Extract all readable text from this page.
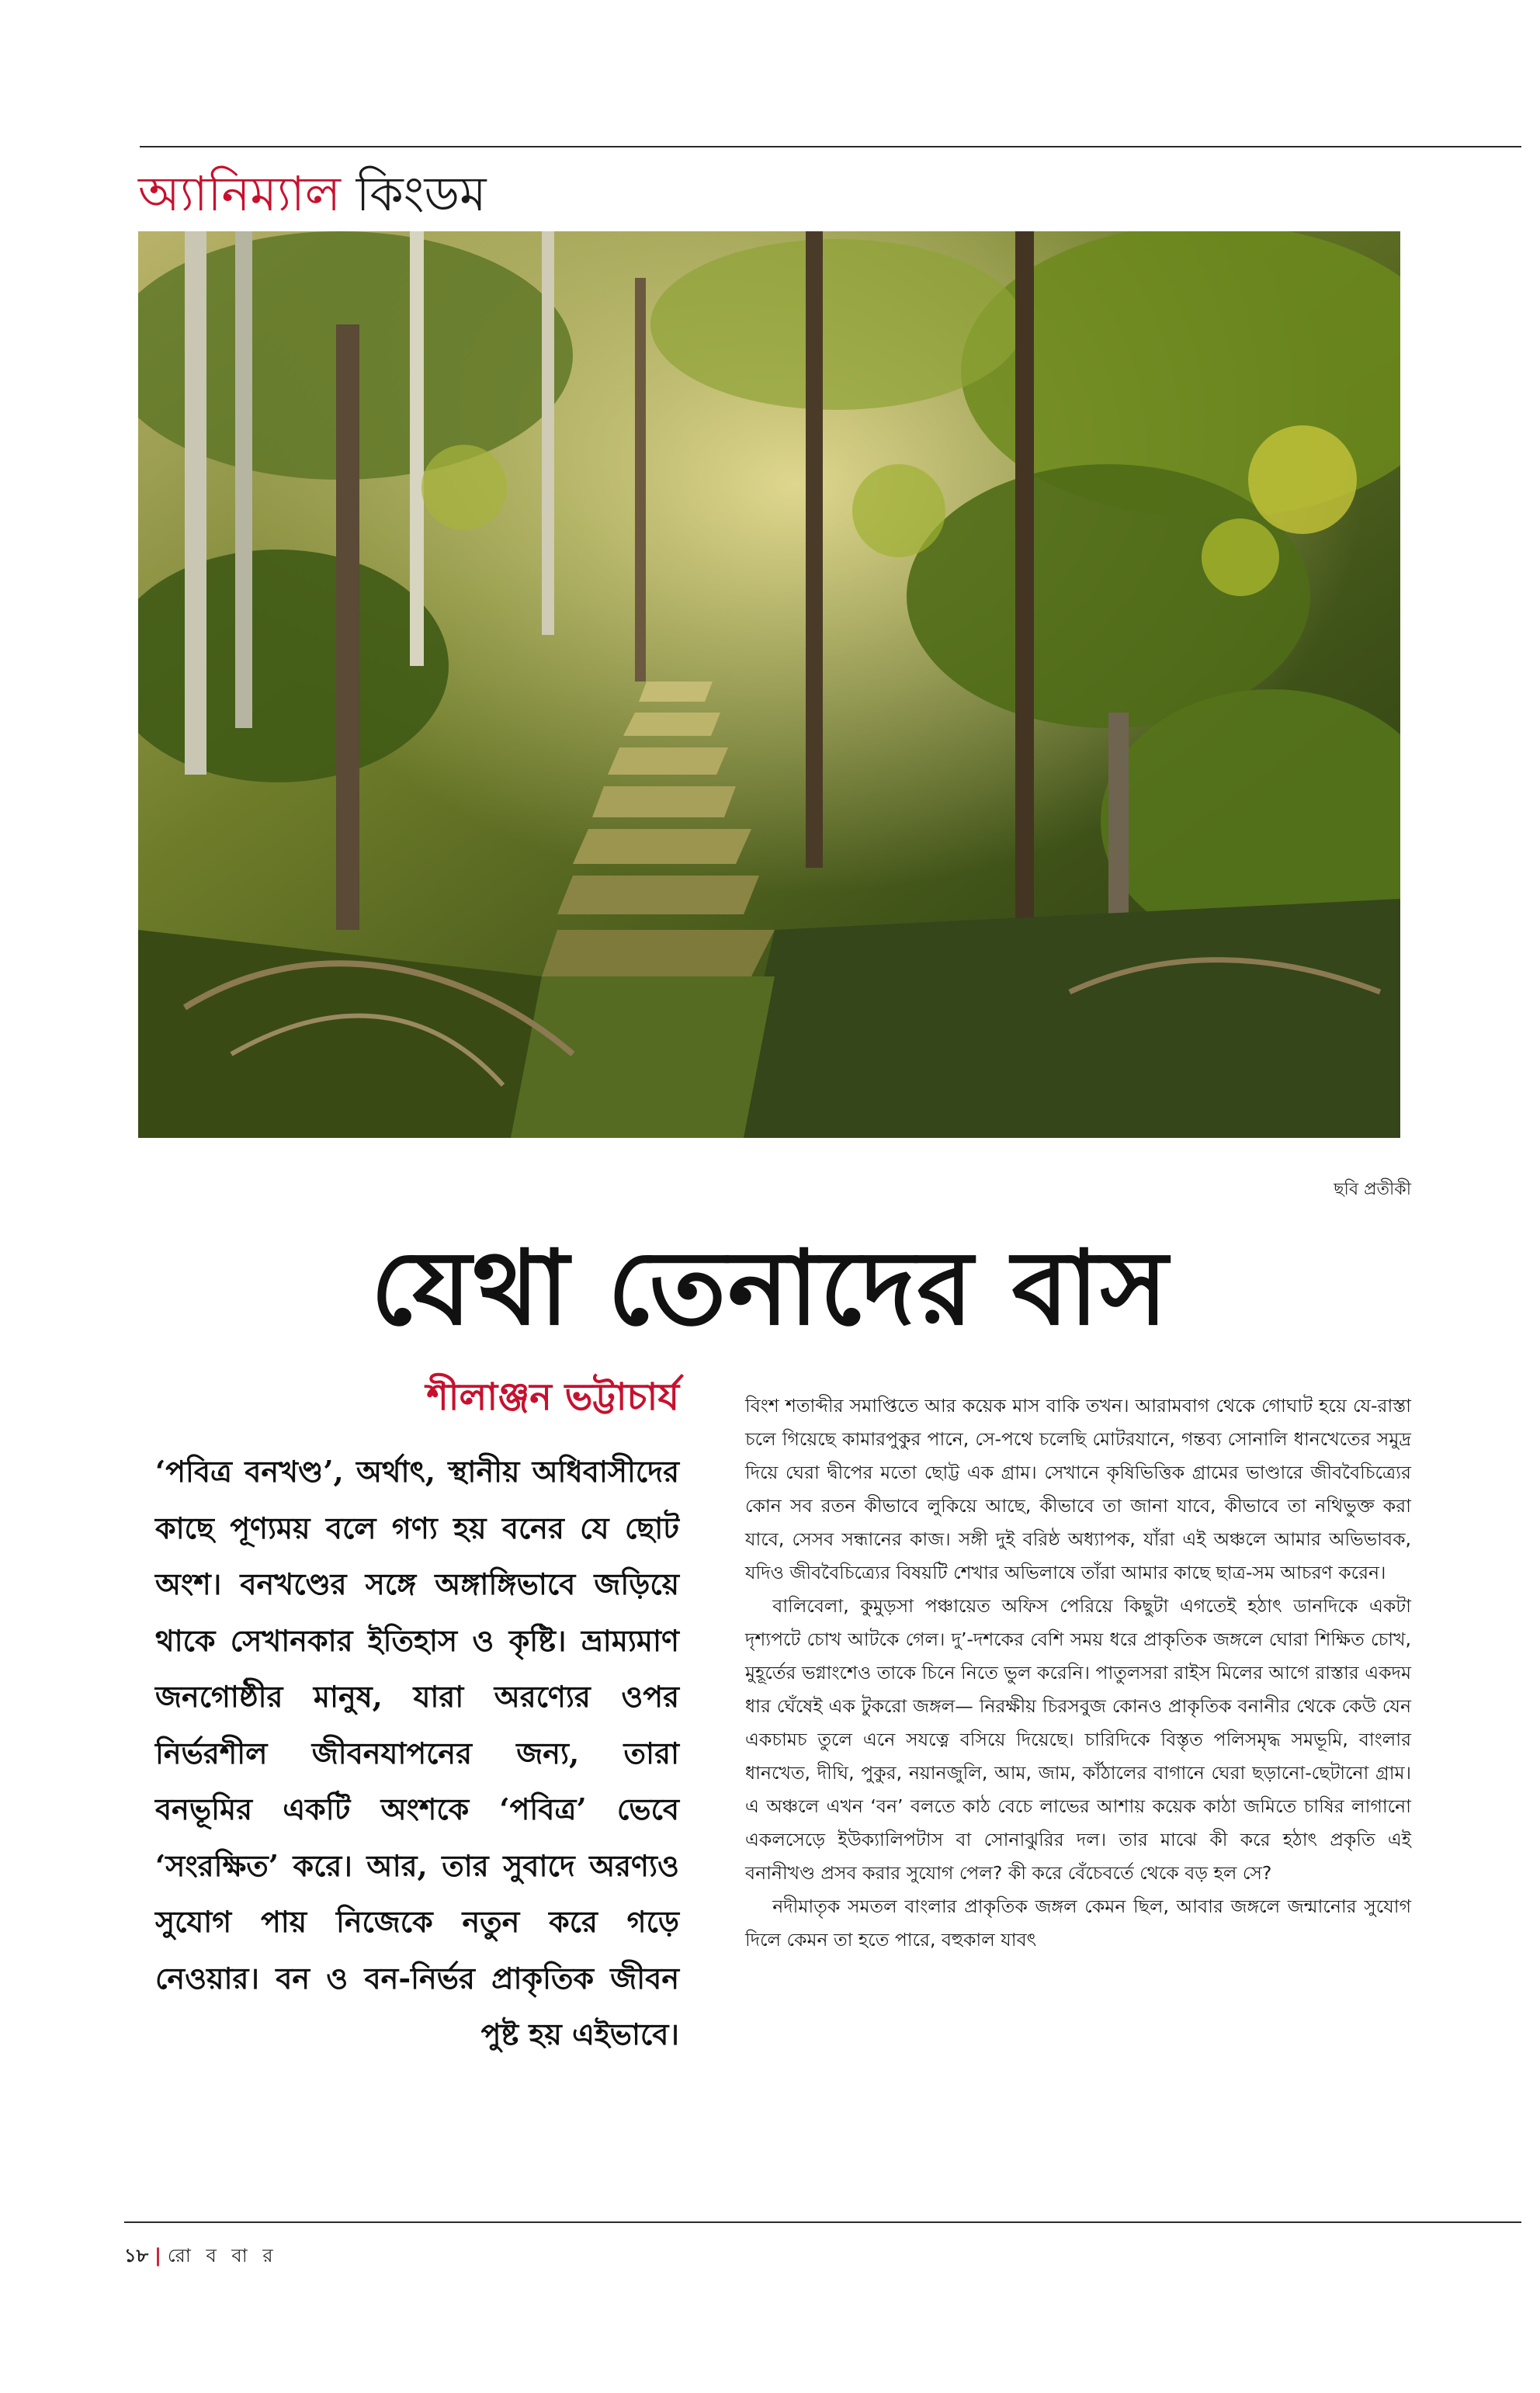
অ্যানিম্যাল কিংডম
ছবি প্রতীকী
যেথা তেনাদের বাস
শীলাঞ্জন ভট্টাচার্য

‘পবিত্র বনখণ্ড’, অর্থাৎ, স্থানীয় অধিবাসীদের কাছে পূণ্যময় বলে গণ্য হয় বনের যে ছোট অংশ। বনখণ্ডের সঙ্গে অঙ্গাঙ্গিভাবে জড়িয়ে থাকে সেখানকার ইতিহাস ও কৃষ্টি। ভ্রাম্যমাণ জনগোষ্ঠীর মানুষ, যারা অরণ্যের ওপর নির্ভরশীল জীবনযাপনের জন্য, তারা বনভূমির একটি অংশকে ‘পবিত্র’ ভেবে ‘সংরক্ষিত’ করে। আর, তার সুবাদে অরণ্যও সুযোগ পায় নিজেকে নতুন করে গড়ে নেওয়ার। বন ও বন-নির্ভর প্রাকৃতিক জীবন পুষ্ট হয় এইভাবে।

বিংশ শতাব্দীর সমাপ্তিতে আর কয়েক মাস বাকি তখন। আরামবাগ থেকে গোঘাট হয়ে যে-রাস্তা চলে গিয়েছে কামারপুকুর পানে, সে-পথে চলেছি মোটরযানে, গন্তব্য সোনালি ধানখেতের সমুদ্র দিয়ে ঘেরা দ্বীপের মতো ছোট্ট এক গ্রাম। সেখানে কৃষিভিত্তিক গ্রামের ভাণ্ডারে জীববৈচিত্র্যের কোন সব রতন কীভাবে লুকিয়ে আছে, কীভাবে তা জানা যাবে, কীভাবে তা নথিভুক্ত করা যাবে, সেসব সন্ধানের কাজ। সঙ্গী দুই বরিষ্ঠ অধ্যাপক, যাঁরা এই অঞ্চলে আমার অভিভাবক, যদিও জীববৈচিত্র্যের বিষয়টি শেখার অভিলাষে তাঁরা আমার কাছে ছাত্র-সম আচরণ করেন।

বালিবেলা, কুমুড়সা পঞ্চায়েত অফিস পেরিয়ে কিছুটা এগতেই হঠাৎ ডানদিকে একটা দৃশ্যপটে চোখ আটকে গেল। দু’-দশকের বেশি সময় ধরে প্রাকৃতিক জঙ্গলে ঘোরা শিক্ষিত চোখ, মুহূর্তের ভগ্নাংশেও তাকে চিনে নিতে ভুল করেনি। পাতুলসরা রাইস মিলের আগে রাস্তার একদম ধার ঘেঁষেই এক টুকরো জঙ্গল— নিরক্ষীয় চিরসবুজ কোনও প্রাকৃতিক বনানীর থেকে কেউ যেন একচামচ তুলে এনে সযত্নে বসিয়ে দিয়েছে। চারিদিকে বিস্তৃত পলিসমৃদ্ধ সমভূমি, বাংলার ধানখেত, দীঘি, পুকুর, নয়ানজুলি, আম, জাম, কাঁঠালের বাগানে ঘেরা ছড়ানো-ছেটানো গ্রাম। এ অঞ্চলে এখন ‘বন’ বলতে কাঠ বেচে লাভের আশায় কয়েক কাঠা জমিতে চাষির লাগানো একলসেড়ে ইউক্যালিপটাস বা সোনাঝুরির দল। তার মাঝে কী করে হঠাৎ প্রকৃতি এই বনানীখণ্ড প্রসব করার সুযোগ পেল? কী করে বেঁচেবর্তে থেকে বড় হল সে?

নদীমাতৃক সমতল বাংলার প্রাকৃতিক জঙ্গল কেমন ছিল, আবার জঙ্গলে জন্মানোর সুযোগ দিলে কেমন তা হতে পারে, বহুকাল যাবৎ

১৮ | রো ব বা র
